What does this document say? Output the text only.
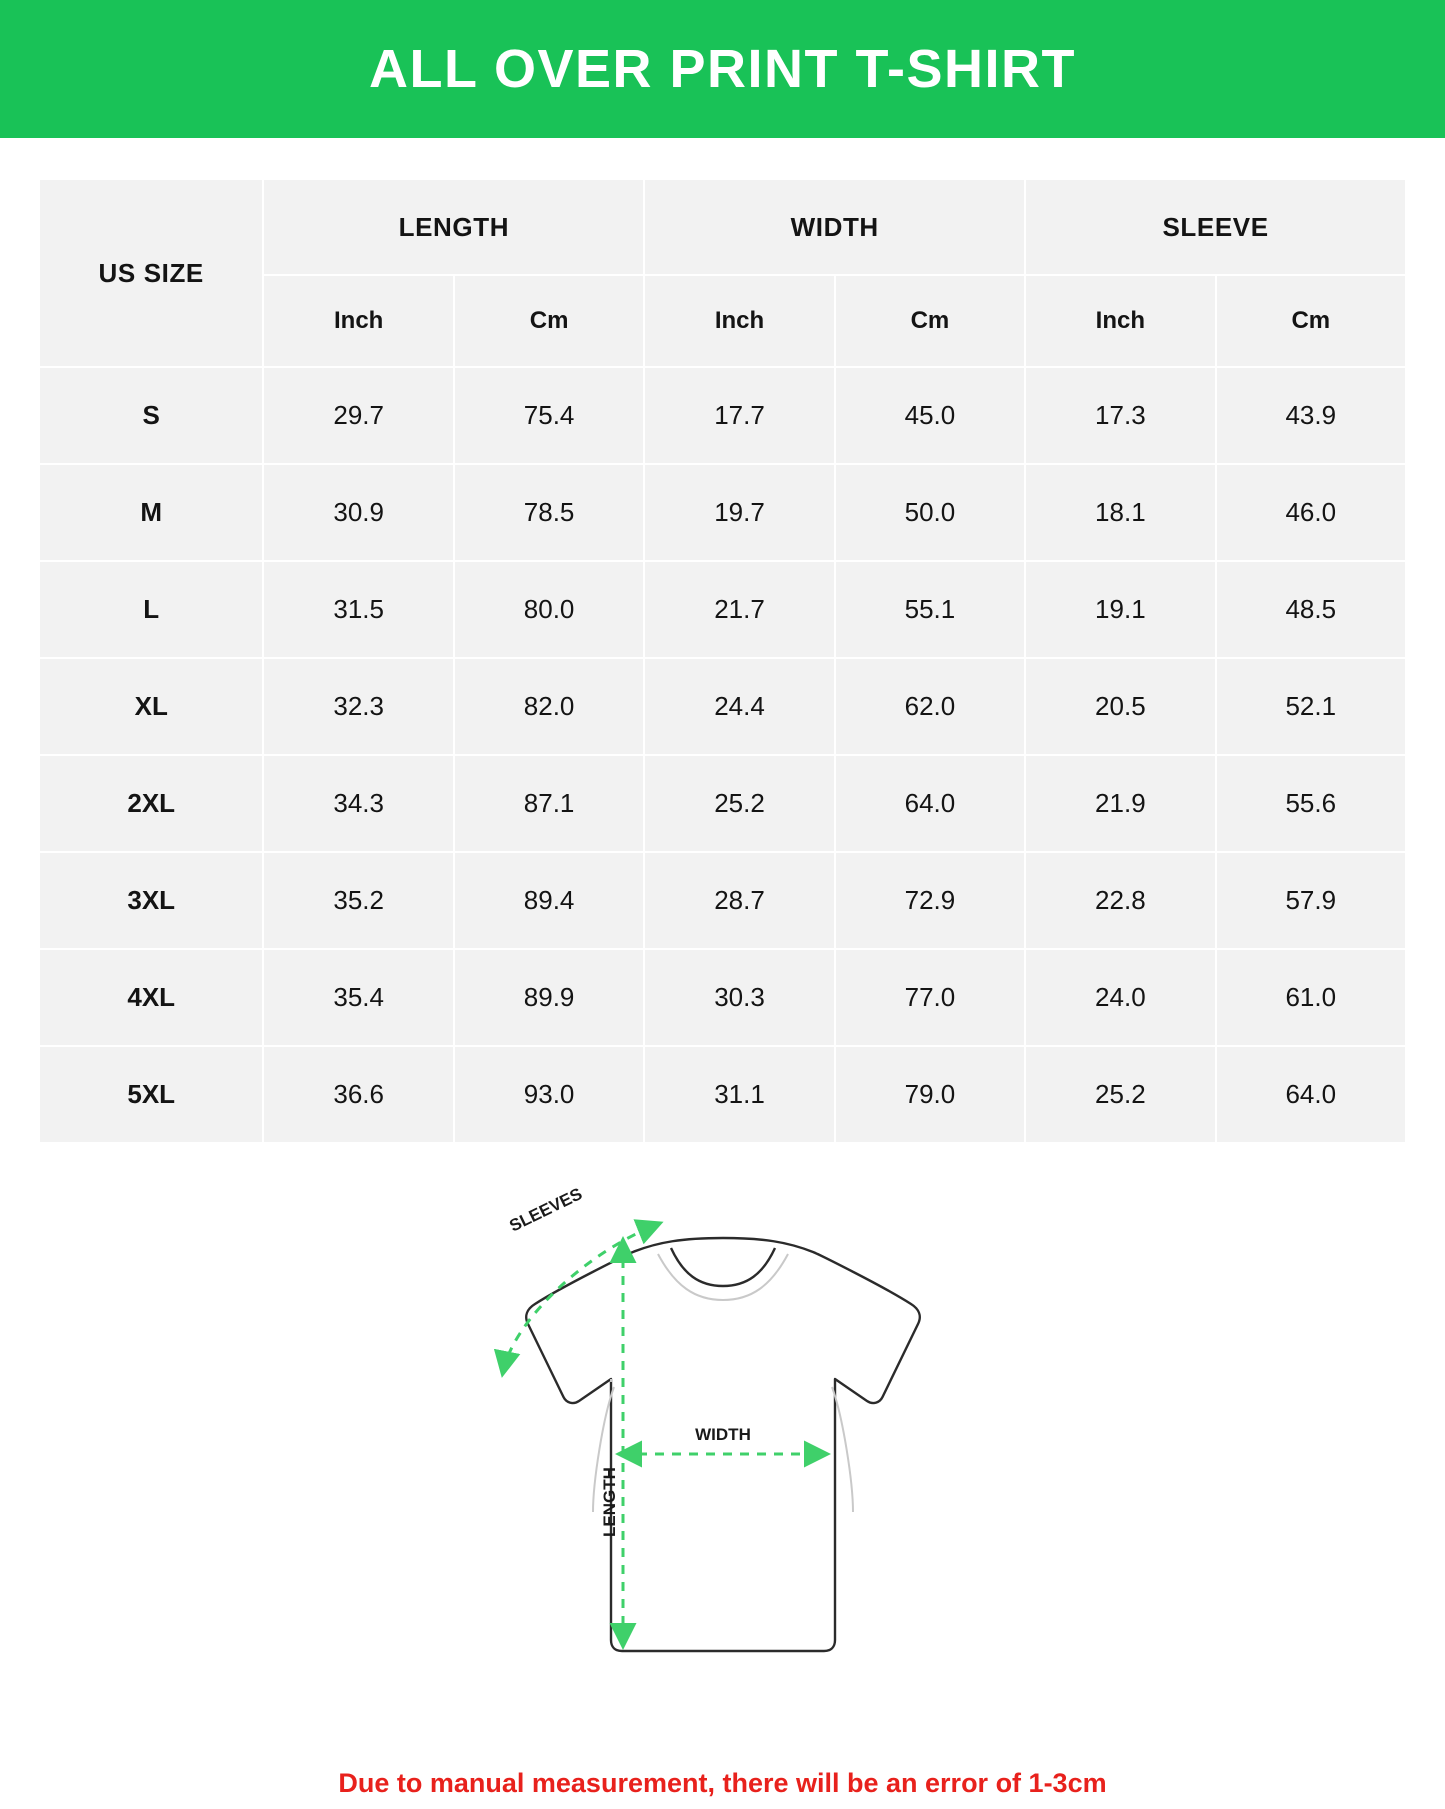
ALL OVER PRINT T-SHIRT
US SIZE	LENGTH		WIDTH		SLEEVE	
	Inch	Cm	Inch	Cm	Inch	Cm
S	29.7	75.4	17.7	45.0	17.3	43.9
M	30.9	78.5	19.7	50.0	18.1	46.0
L	31.5	80.0	21.7	55.1	19.1	48.5
XL	32.3	82.0	24.4	62.0	20.5	52.1
2XL	34.3	87.1	25.2	64.0	21.9	55.6
3XL	35.2	89.4	28.7	72.9	22.8	57.9
4XL	35.4	89.9	30.3	77.0	24.0	61.0
5XL	36.6	93.0	31.1	79.0	25.2	64.0
SLEEVES
WIDTH
LENGTH
Due to manual measurement, there will be an error of 1-3cm
